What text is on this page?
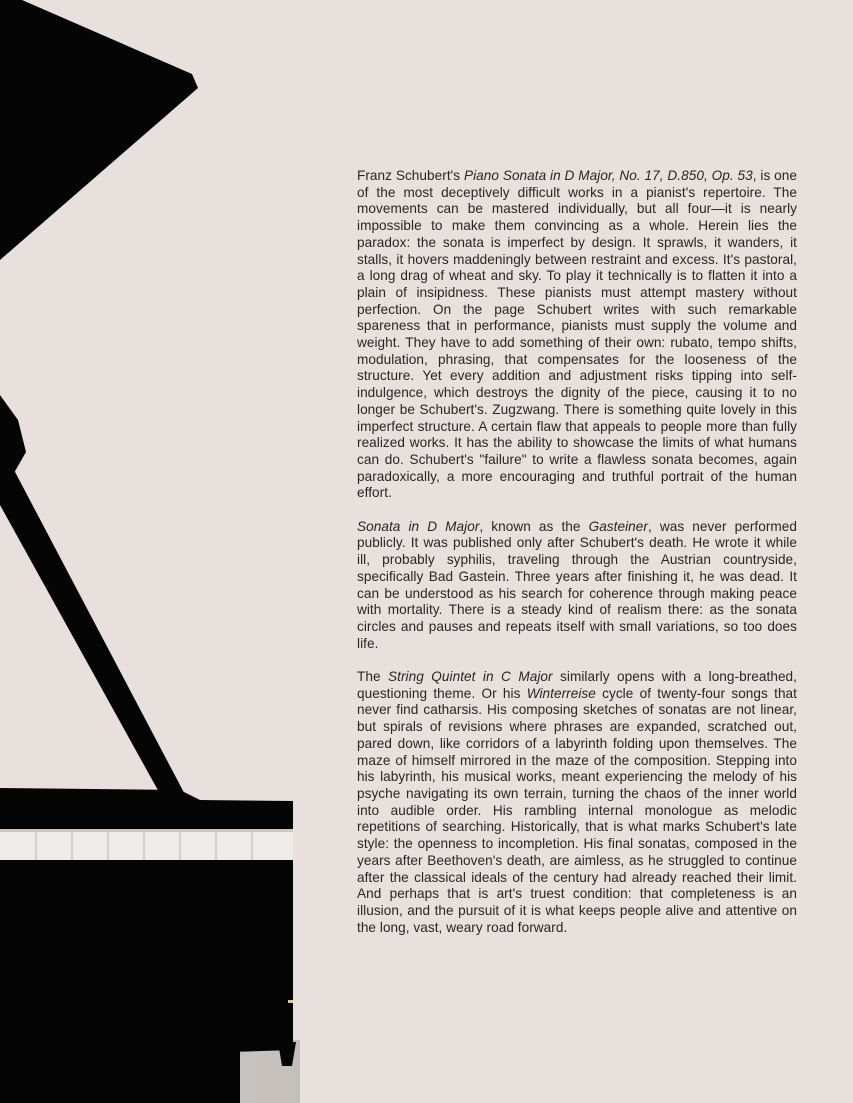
Franz Schubert's Piano Sonata in D Major, No. 17, D.850, Op. 53, is one of the most deceptively difficult works in a pianist's repertoire. The movements can be mastered individually, but all four—it is nearly impossible to make them convincing as a whole. Herein lies the paradox: the sonata is imperfect by design. It sprawls, it wanders, it stalls, it hovers maddeningly between restraint and excess. It's pastoral, a long drag of wheat and sky. To play it technically is to flatten it into a plain of insipidness. These pianists must attempt mastery without perfection. On the page Schubert writes with such remarkable spareness that in performance, pianists must supply the volume and weight. They have to add something of their own: rubato, tempo shifts, modulation, phrasing, that compensates for the looseness of the structure. Yet every addition and adjustment risks tipping into self-indulgence, which destroys the dignity of the piece, causing it to no longer be Schubert's. Zugzwang. There is something quite lovely in this imperfect structure. A certain flaw that appeals to people more than fully realized works. It has the ability to showcase the limits of what humans can do. Schubert's "failure" to write a flawless sonata becomes, again paradoxically, a more encouraging and truthful portrait of the human effort.

Sonata in D Major, known as the Gasteiner, was never performed publicly. It was published only after Schubert's death. He wrote it while ill, probably syphilis, traveling through the Austrian countryside, specifically Bad Gastein. Three years after finishing it, he was dead. It can be understood as his search for coherence through making peace with mortality. There is a steady kind of realism there: as the sonata circles and pauses and repeats itself with small variations, so too does life.

The String Quintet in C Major similarly opens with a long-breathed, questioning theme. Or his Winterreise cycle of twenty-four songs that never find catharsis. His composing sketches of sonatas are not linear, but spirals of revisions where phrases are expanded, scratched out, pared down, like corridors of a labyrinth folding upon themselves. The maze of himself mirrored in the maze of the composition. Stepping into his labyrinth, his musical works, meant experiencing the melody of his psyche navigating its own terrain, turning the chaos of the inner world into audible order. His rambling internal monologue as melodic repetitions of searching. Historically, that is what marks Schubert's late style: the openness to incompletion. His final sonatas, composed in the years after Beethoven's death, are aimless, as he struggled to continue after the classical ideals of the century had already reached their limit. And perhaps that is art's truest condition: that completeness is an illusion, and the pursuit of it is what keeps people alive and attentive on the long, vast, weary road forward.
